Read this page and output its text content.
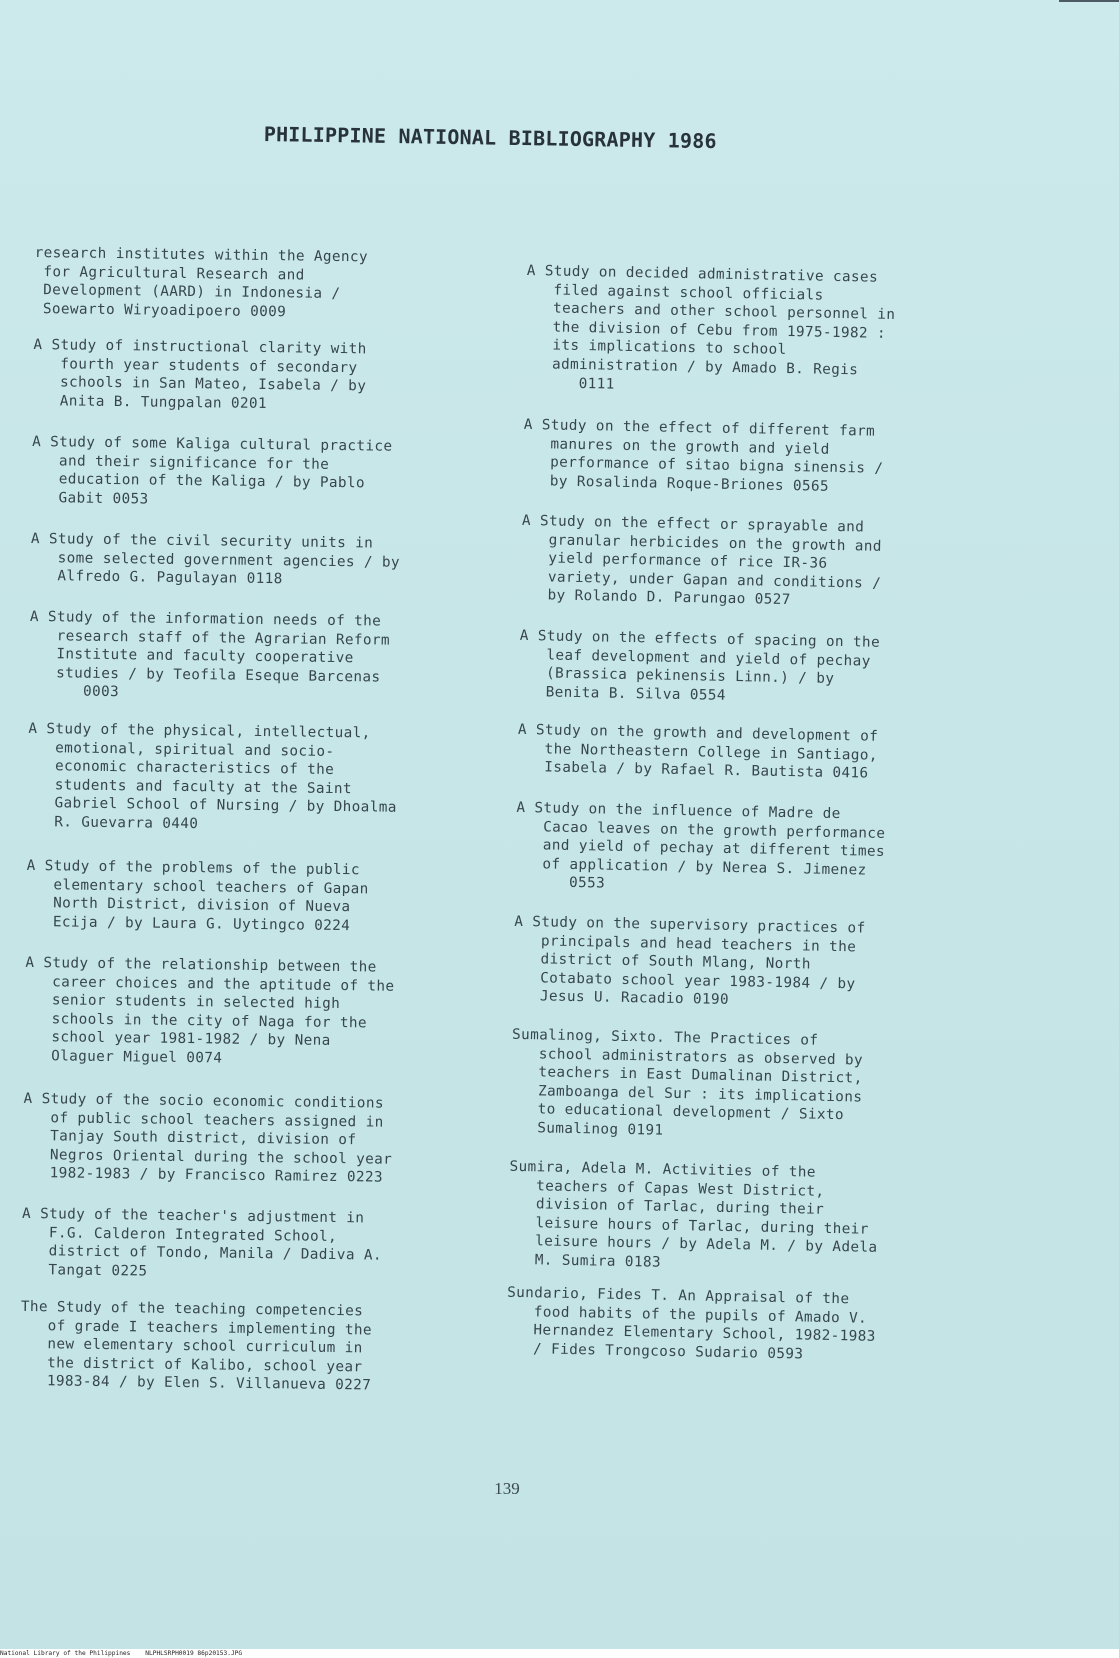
PHILIPPINE NATIONAL BIBLIOGRAPHY 1986
research institutes within the Agency
for Agricultural Research and
Development (AARD) in Indonesia /
Soewarto Wiryoadipoero 0009
A Study of instructional clarity with
fourth year students of secondary
schools in San Mateo, Isabela / by
Anita B. Tungpalan 0201
A Study of some Kaliga cultural practice
and their significance for the
education of the Kaliga / by Pablo
Gabit 0053
A Study of the civil security units in
some selected government agencies / by
Alfredo G. Pagulayan 0118
A Study of the information needs of the
research staff of the Agrarian Reform
Institute and faculty cooperative
studies / by Teofila Eseque Barcenas
0003
A Study of the physical, intellectual,
emotional, spiritual and socio-
economic characteristics of the
students and faculty at the Saint
Gabriel School of Nursing / by Dhoalma
R. Guevarra 0440
A Study of the problems of the public
elementary school teachers of Gapan
North District, division of Nueva
Ecija / by Laura G. Uytingco 0224
A Study of the relationship between the
career choices and the aptitude of the
senior students in selected high
schools in the city of Naga for the
school year 1981-1982 / by Nena
Olaguer Miguel 0074
A Study of the socio economic conditions
of public school teachers assigned in
Tanjay South district, division of
Negros Oriental during the school year
1982-1983 / by Francisco Ramirez 0223
A Study of the teacher's adjustment in
F.G. Calderon Integrated School,
district of Tondo, Manila / Dadiva A.
Tangat 0225
The Study of the teaching competencies
of grade I teachers implementing the
new elementary school curriculum in
the district of Kalibo, school year
1983-84 / by Elen S. Villanueva 0227
A Study on decided administrative cases
filed against school officials
teachers and other school personnel in
the division of Cebu from 1975-1982 :
its implications to school
administration / by Amado B. Regis
0111
A Study on the effect of different farm
manures on the growth and yield
performance of sitao bigna sinensis /
by Rosalinda Roque-Briones 0565
A Study on the effect or sprayable and
granular herbicides on the growth and
yield performance of rice IR-36
variety, under Gapan and conditions /
by Rolando D. Parungao 0527
A Study on the effects of spacing on the
leaf development and yield of pechay
(Brassica pekinensis Linn.) / by
Benita B. Silva 0554
A Study on the growth and development of
the Northeastern College in Santiago,
Isabela / by Rafael R. Bautista 0416
A Study on the influence of Madre de
Cacao leaves on the growth performance
and yield of pechay at different times
of application / by Nerea S. Jimenez
0553
A Study on the supervisory practices of
principals and head teachers in the
district of South Mlang, North
Cotabato school year 1983-1984 / by
Jesus U. Racadio 0190
Sumalinog, Sixto. The Practices of
school administrators as observed by
teachers in East Dumalinan District,
Zamboanga del Sur : its implications
to educational development / Sixto
Sumalinog 0191
Sumira, Adela M. Activities of the
teachers of Capas West District,
division of Tarlac, during their
leisure hours of Tarlac, during their
leisure hours / by Adela M. / by Adela
M. Sumira 0183
Sundario, Fides T. An Appraisal of the
food habits of the pupils of Amado V.
Hernandez Elementary School, 1982-1983
/ Fides Trongcoso Sudario 0593
139
National Library of the Philippines    NLPHLSRPH0019 86p20153.JPG
